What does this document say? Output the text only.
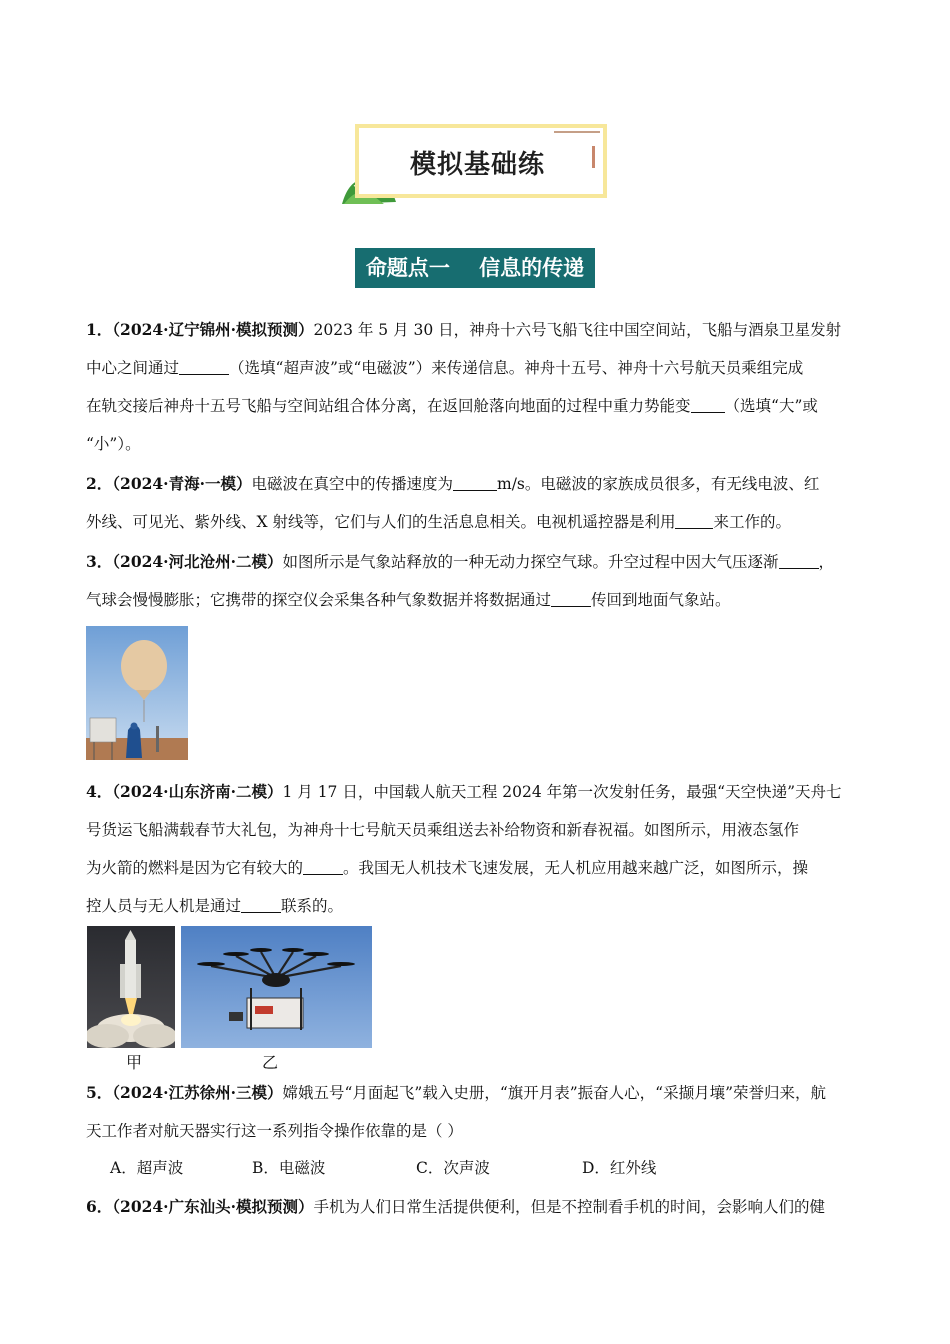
模拟基础练
命题点一    信息的传递

1．（2024·辽宁锦州·模拟预测）2023 年 5 月 30 日，神舟十六号飞船飞往中国空间站，飞船与酒泉卫星发射

中心之间通过	（选填“超声波”或“电磁波”）来传递信息。神舟十五号、神舟十六号航天员乘组完成

在轨交接后神舟十五号飞船与空间站组合体分离，在返回舱落向地面的过程中重力势能变 （选填“大”或

“小”）。

2．（2024·青海·一模）电磁波在真空中的传播速度为	m/s。电磁波的家族成员很多，有无线电波、红

外线、可见光、紫外线、X 射线等，它们与人们的生活息息相关。电视机遥控器是利用 来工作的。

3．（2024·河北沧州·二模）如图所示是气象站释放的一种无动力探空气球。升空过程中因大气压逐渐	，

气球会慢慢膨胀；它携带的探空仪会采集各种气象数据并将数据通过	传回到地面气象站。

4．（2024·山东济南·二模）1 月 17 日，中国载人航天工程 2024 年第一次发射任务，最强“天空快递”天舟七

号货运飞船满载春节大礼包，为神舟十七号航天员乘组送去补给物资和新春祝福。如图所示，用液态氢作

为火箭的燃料是因为它有较大的	。我国无人机技术飞速发展，无人机应用越来越广泛，如图所示，操

控人员与无人机是通过	联系的。

甲	乙

5．（2024·江苏徐州·三模）嫦娥五号“月面起飞”载入史册，“旗开月表”振奋人心，“采撷月壤”荣誉归来，航

天工作者对航天器实行这一系列指令操作依靠的是（ ）

A．超声波	B．电磁波	C．次声波	D．红外线

6．（2024·广东汕头·模拟预测）手机为人们日常生活提供便利，但是不控制看手机的时间，会影响人们的健
